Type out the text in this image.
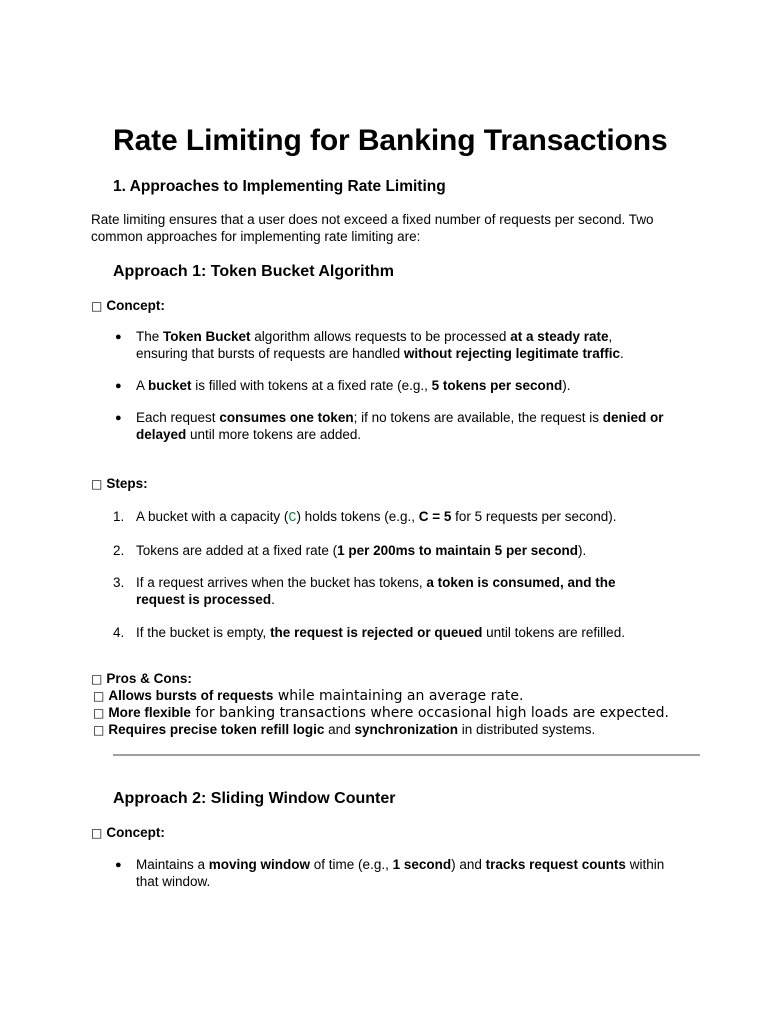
Rate Limiting for Banking Transactions
1. Approaches to Implementing Rate Limiting
Rate limiting ensures that a user does not exceed a fixed number of requests per second. Two
common approaches for implementing rate limiting are:
Approach 1: Token Bucket Algorithm
□ Concept:
● The Token Bucket algorithm allows requests to be processed at a steady rate,
ensuring that bursts of requests are handled without rejecting legitimate traffic.
● A bucket is filled with tokens at a fixed rate (e.g., 5 tokens per second).
● Each request consumes one token; if no tokens are available, the request is denied or
delayed until more tokens are added.
□ Steps:
1. A bucket with a capacity (C) holds tokens (e.g., C = 5 for 5 requests per second).
2. Tokens are added at a fixed rate (1 per 200ms to maintain 5 per second).
3. If a request arrives when the bucket has tokens, a token is consumed, and the
request is processed.
4. If the bucket is empty, the request is rejected or queued until tokens are refilled.
□ Pros & Cons:
□ Allows bursts of requests while maintaining an average rate.
□ More flexible for banking transactions where occasional high loads are expected.
□ Requires precise token refill logic and synchronization in distributed systems.
Approach 2: Sliding Window Counter
□ Concept:
● Maintains a moving window of time (e.g., 1 second) and tracks request counts within
that window.
